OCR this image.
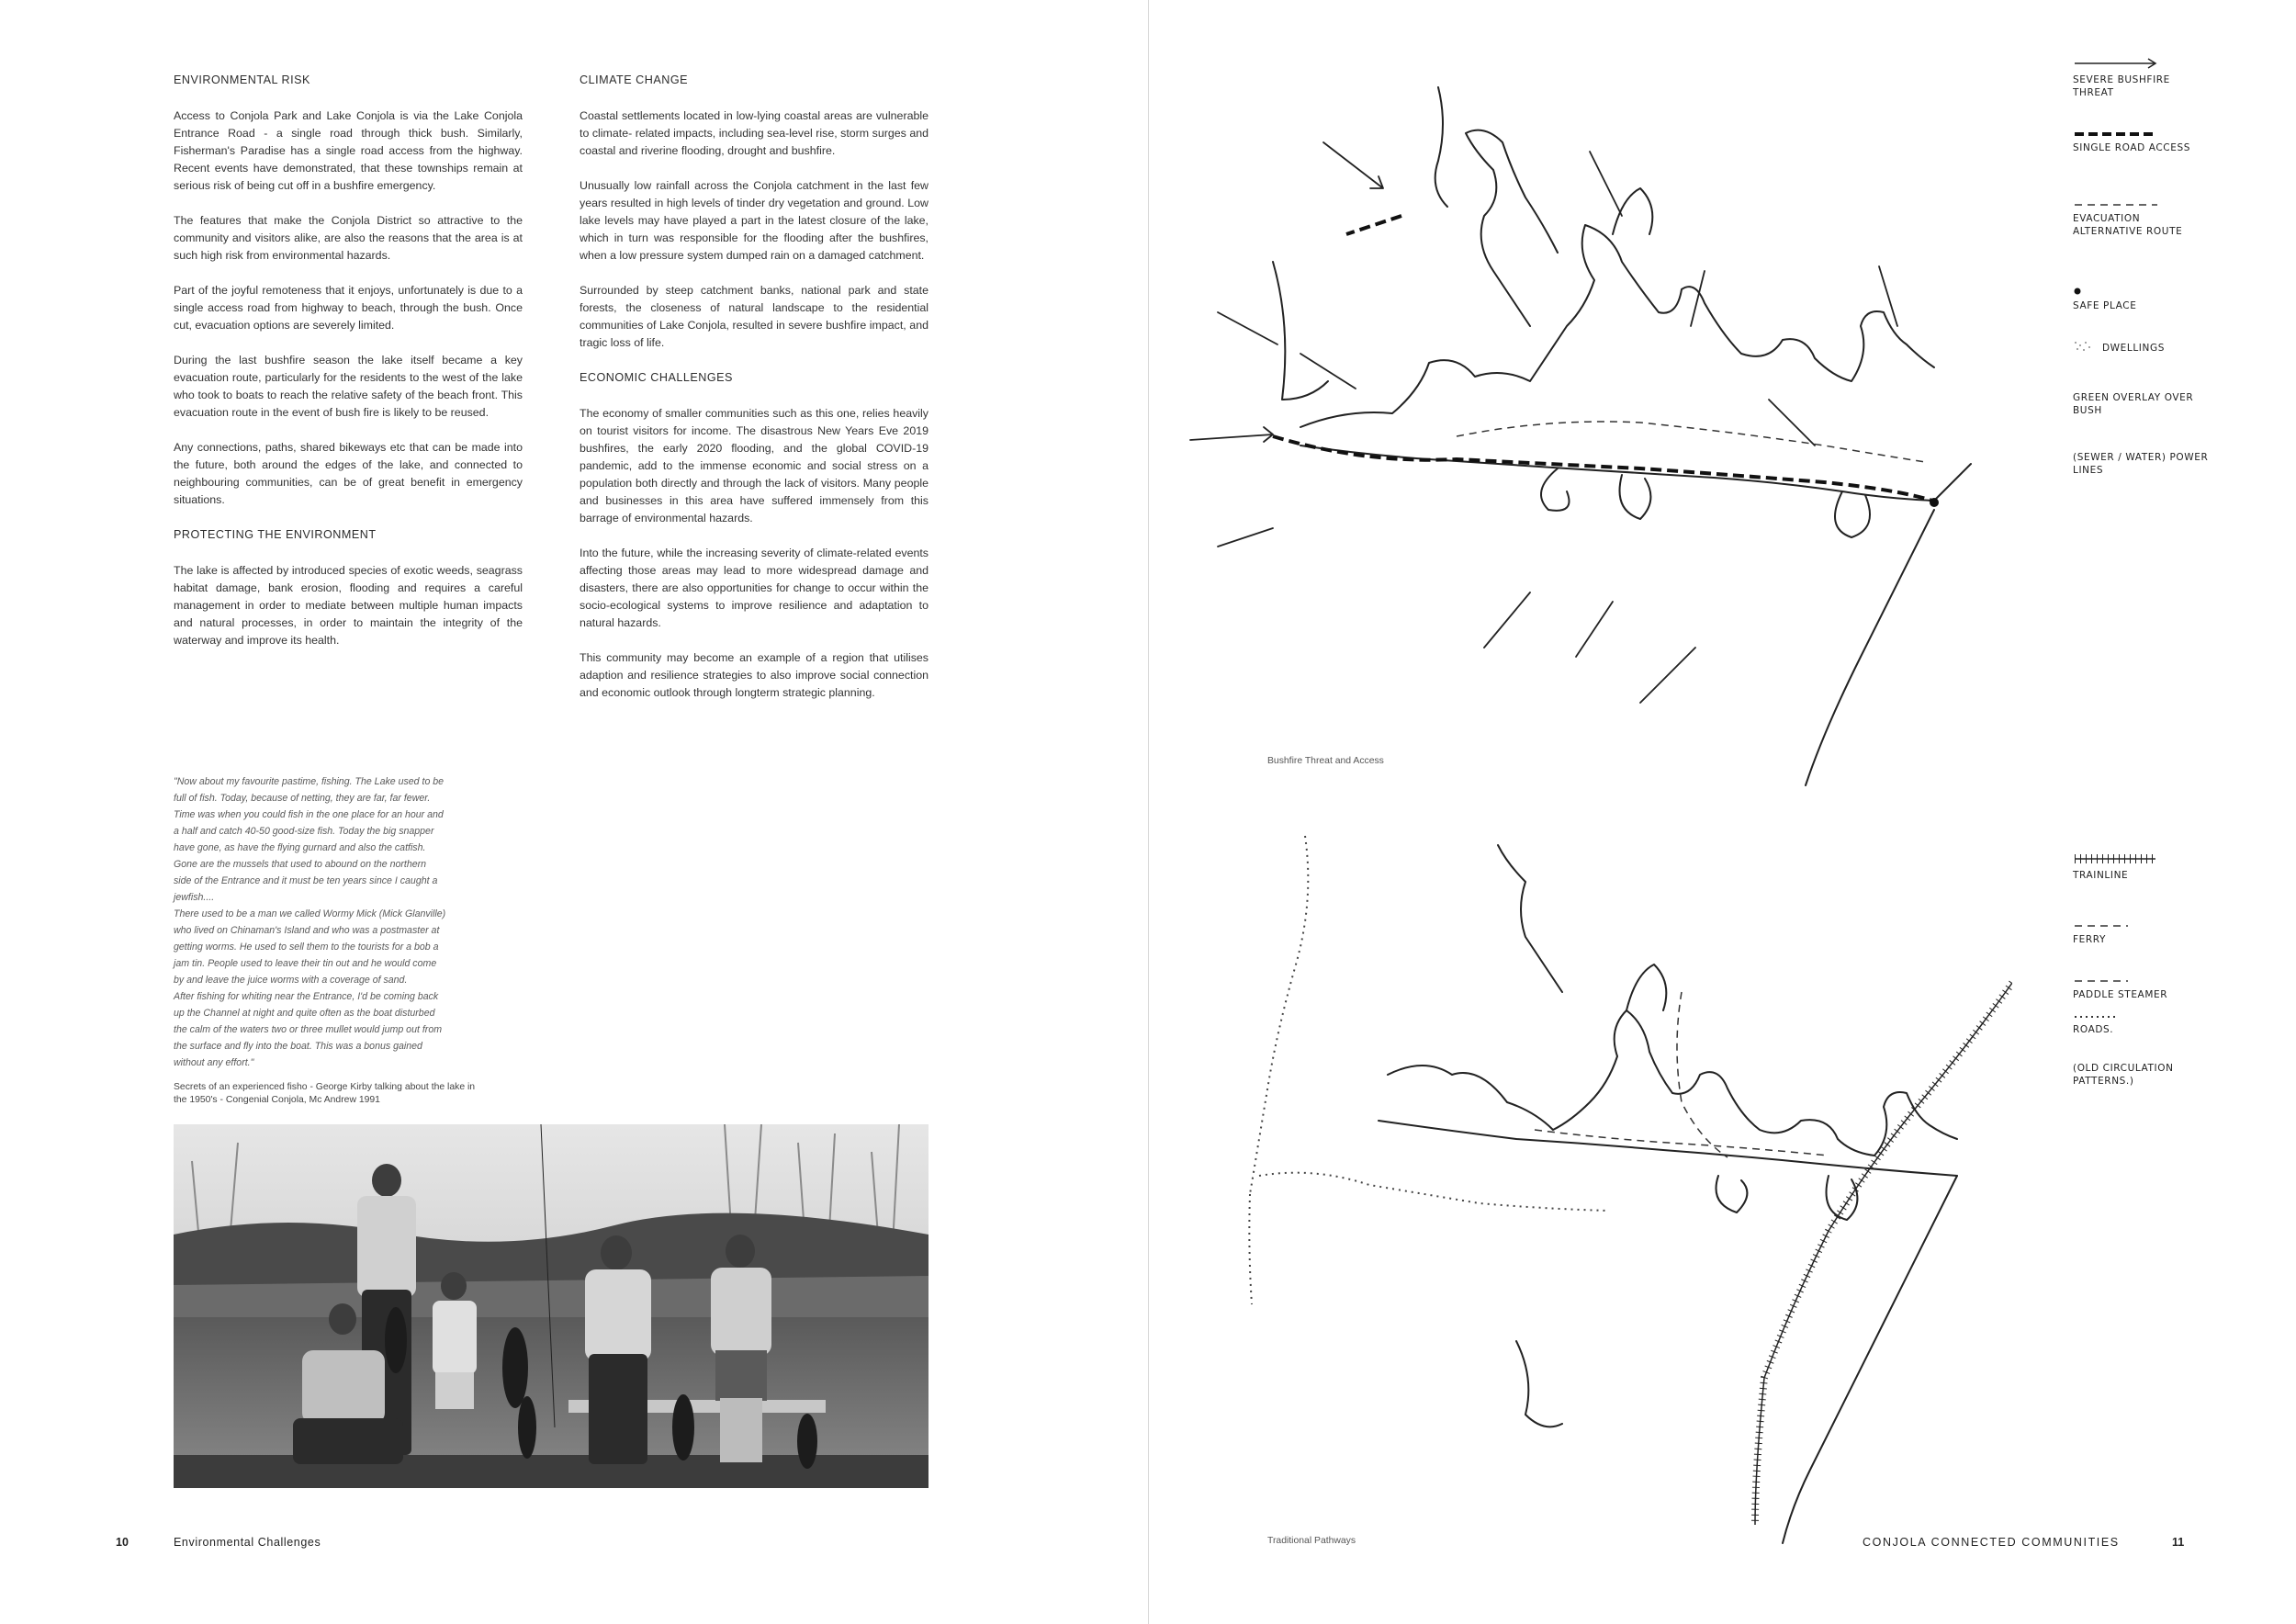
ENVIRONMENTAL RISK

Access to Conjola Park and Lake Conjola is via the Lake Conjola Entrance Road - a single road through thick bush. Similarly, Fisherman's Paradise has a single road access from the highway. Recent events have demonstrated, that these townships remain at serious risk of being cut off in a bushfire emergency.

The features that make the Conjola District so attractive to the community and visitors alike, are also the reasons that the area is at such high risk from environmental hazards.

Part of the joyful remoteness that it enjoys, unfortunately is due to a single access road from highway to beach, through the bush. Once cut, evacuation options are severely limited.

During the last bushfire season the lake itself became a key evacuation route, particularly for the residents to the west of the lake who took to boats to reach the relative safety of the beach front. This evacuation route in the event of bush fire is likely to be reused.

Any connections, paths, shared bikeways etc that can be made into the future, both around the edges of the lake, and connected to neighbouring communities, can be of great benefit in emergency situations.

PROTECTING THE ENVIRONMENT

The lake is affected by introduced species of exotic weeds, seagrass habitat damage, bank erosion, flooding and requires a careful management in order to mediate between multiple human impacts and natural processes, in order to maintain the integrity of the waterway and improve its health.

CLIMATE CHANGE

Coastal settlements located in low-lying coastal areas are vulnerable to climate- related impacts, including sea-level rise, storm surges and coastal and riverine flooding, drought and bushfire.

Unusually low rainfall across the Conjola catchment in the last few years resulted in high levels of tinder dry vegetation and ground. Low lake levels may have played a part in the latest closure of the lake, which in turn was responsible for the flooding after the bushfires, when a low pressure system dumped rain on a damaged catchment.

Surrounded by steep catchment banks, national park and state forests, the closeness of natural landscape to the residential communities of Lake Conjola, resulted in severe bushfire impact, and tragic loss of life.

ECONOMIC CHALLENGES

The economy of smaller communities such as this one, relies heavily on tourist visitors for income. The disastrous New Years Eve 2019 bushfires, the early 2020 flooding, and the global COVID-19 pandemic, add to the immense economic and social stress on a population both directly and through the lack of visitors. Many people and businesses in this area have suffered immensely from this barrage of environmental hazards.

Into the future, while the increasing severity of climate-related events affecting those areas may lead to more widespread damage and disasters, there are also opportunities for change to occur within the socio-ecological systems to improve resilience and adaptation to natural hazards.

This community may become an example of a region that utilises adaption and resilience strategies to also improve social connection and economic outlook through longterm strategic planning.

"Now about my favourite pastime, fishing. The Lake used to be

full of fish. Today, because of netting, they are far, far fewer.

Time was when you could fish in the one place for an hour and

a half and catch 40-50 good-size fish. Today the big snapper

have gone, as have the flying gurnard and also the catfish.

Gone are the mussels that used to abound on the northern

side of the Entrance and it must be ten years since I caught a

jewfish....

There used to be a man we called Wormy Mick (Mick Glanville)

who lived on Chinaman's Island and who was a postmaster at

getting worms. He used to sell them to the tourists for a bob a

jam tin. People used to leave their tin out and he would come

by and leave the juice worms with a coverage of sand.

After fishing for whiting near the Entrance, I'd be coming back

up the Channel at night and quite often as the boat disturbed

the calm of the waters two or three mullet would jump out from

the surface and fly into the boat. This was a bonus gained

without any effort."

Secrets of an experienced fisho - George Kirby talking about the lake in the 1950's - Congenial Conjola, Mc Andrew 1991
10	Environmental Challenges
Bushfire Threat and Access
SEVERE BUSHFIRE THREAT
SINGLE ROAD ACCESS
EVACUATION ALTERNATIVE ROUTE
SAFE PLACE
DWELLINGS
GREEN OVERLAY OVER BUSH
(SEWER / WATER) POWER LINES
Traditional Pathways
TRAINLINE
FERRY
PADDLE STEAMER
ROADS.
(OLD CIRCULATION PATTERNS.)
CONJOLA CONNECTED COMMUNITIES	11
